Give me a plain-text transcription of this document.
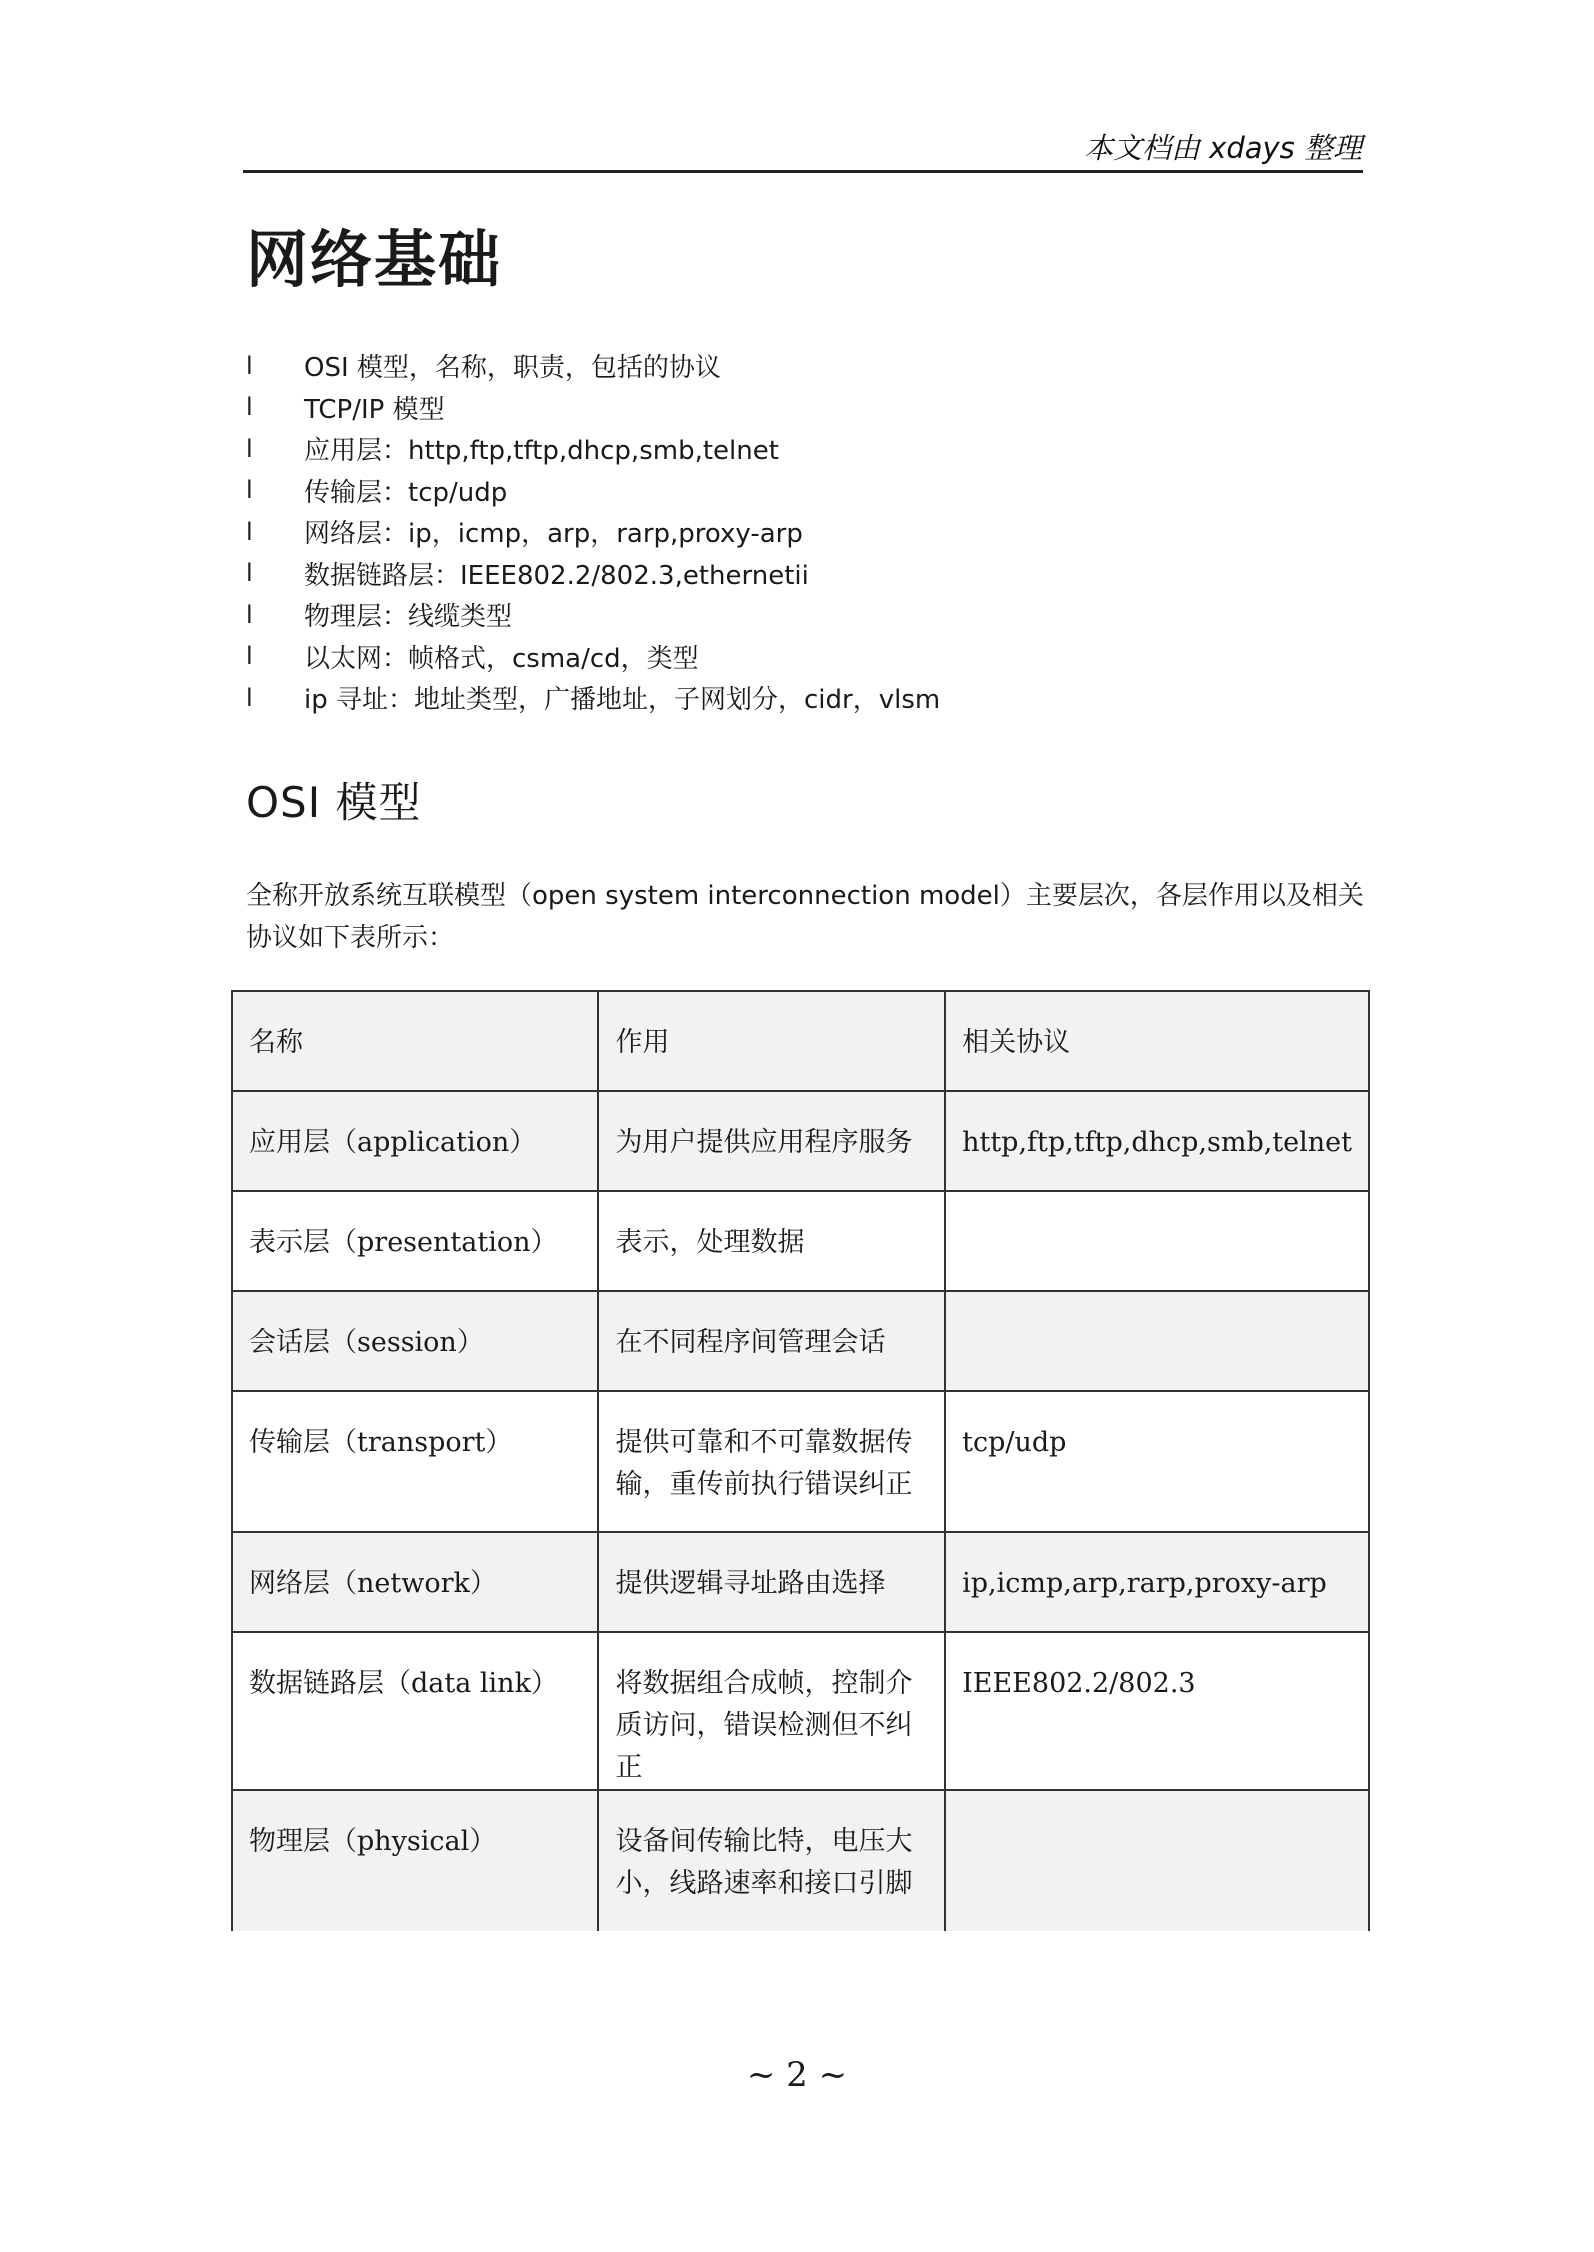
本文档由 xdays 整理
网络基础
l	OSI 模型，名称，职责，包括的协议
l	TCP/IP 模型
l	应用层：http,ftp,tftp,dhcp,smb,telnet
l	传输层：tcp/udp
l	网络层：ip，icmp，arp，rarp,proxy-arp
l	数据链路层：IEEE802.2/802.3,ethernetii
l	物理层：线缆类型
l	以太网：帧格式，csma/cd，类型
l	ip 寻址：地址类型，广播地址，子网划分，cidr，vlsm
OSI 模型

全称开放系统互联模型（open system interconnection model）主要层次，各层作用以及相关协议如下表所示：

名称	作用	相关协议
应用层（application）	为用户提供应用程序服务	http,ftp,tftp,dhcp,smb,telnet
表示层（presentation）	表示，处理数据	
会话层（session）	在不同程序间管理会话	
传输层（transport）	提供可靠和不可靠数据传输，重传前执行错误纠正	tcp/udp
网络层（network）	提供逻辑寻址路由选择	ip,icmp,arp,rarp,proxy-arp
数据链路层（data link）	将数据组合成帧，控制介质访问，错误检测但不纠正	IEEE802.2/802.3
物理层（physical）	设备间传输比特，电压大小，线路速率和接口引脚	
~ 2 ~
